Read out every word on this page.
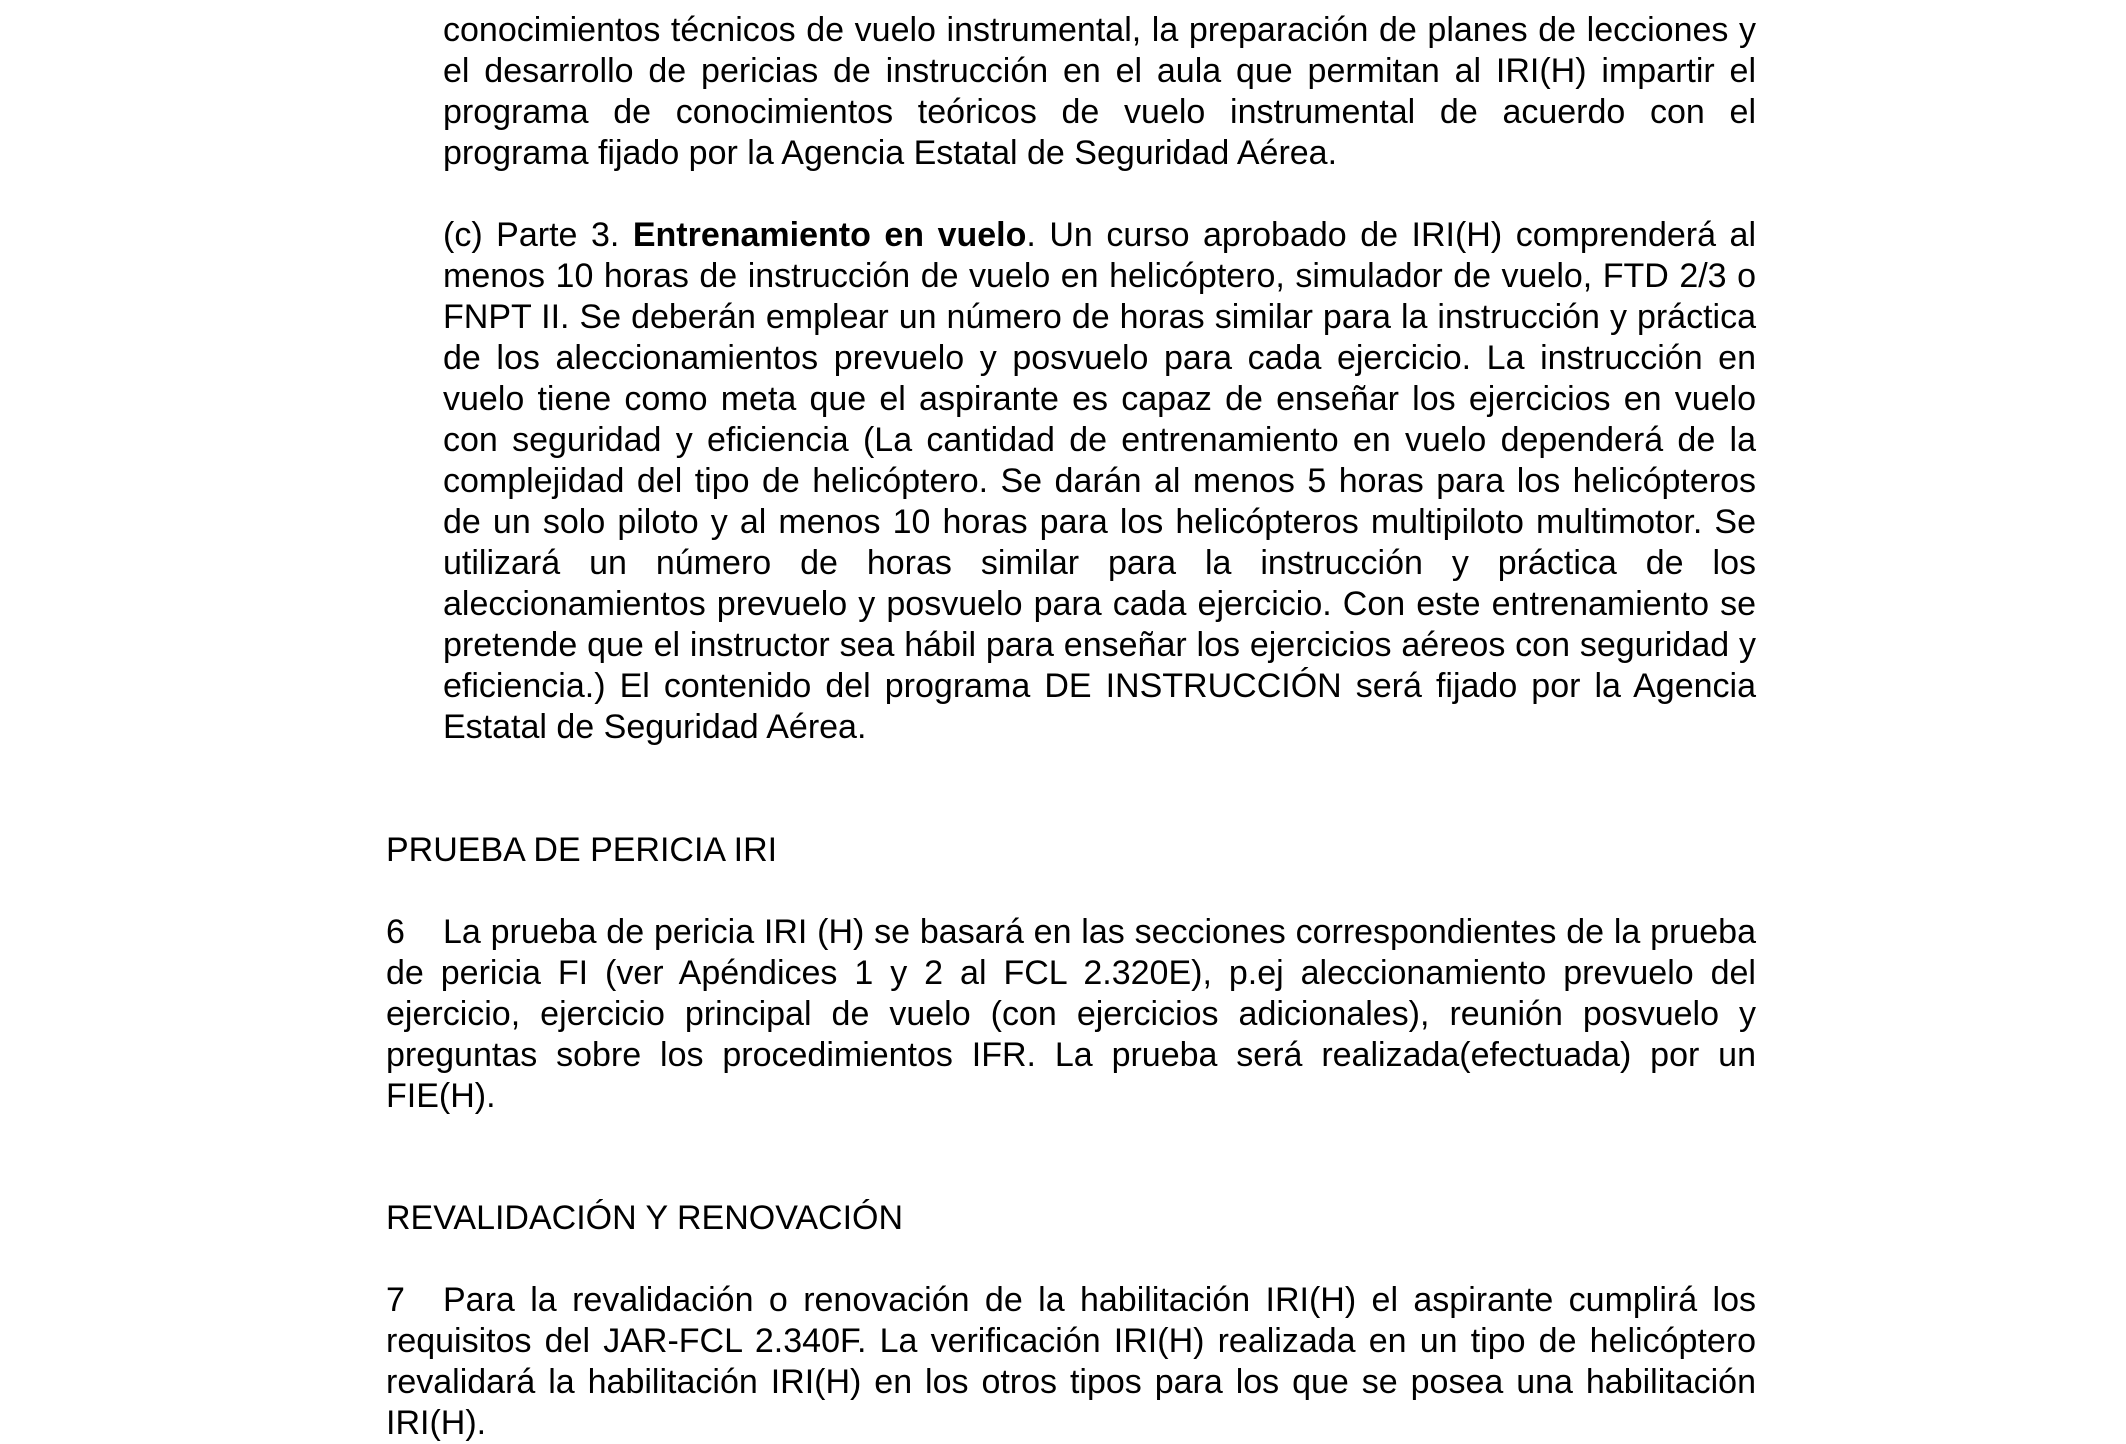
conocimientos técnicos de vuelo instrumental, la preparación de planes de lecciones y el desarrollo de pericias de instrucción en el aula que permitan al IRI(H) impartir el programa de conocimientos teóricos de vuelo instrumental de acuerdo con el programa fijado por la Agencia Estatal de Seguridad Aérea.

(c) Parte 3. Entrenamiento en vuelo. Un curso aprobado de IRI(H) comprenderá al menos 10 horas de instrucción de vuelo en helicóptero, simulador de vuelo, FTD 2/3 o FNPT II. Se deberán emplear un número de horas similar para la instrucción y práctica de los aleccionamientos prevuelo y posvuelo para cada ejercicio. La instrucción en vuelo tiene como meta que el aspirante es capaz de enseñar los ejercicios en vuelo con seguridad y eficiencia (La cantidad de entrenamiento en vuelo dependerá de la complejidad del tipo de helicóptero. Se darán al menos 5 horas para los helicópteros de un solo piloto y al menos 10 horas para los helicópteros multipiloto multimotor. Se utilizará un número de horas similar para la instrucción y práctica de los aleccionamientos prevuelo y posvuelo para cada ejercicio. Con este entrenamiento se pretende que el instructor sea hábil para enseñar los ejercicios aéreos con seguridad y eficiencia.) El contenido del programa DE INSTRUCCIÓN será fijado por la Agencia Estatal de Seguridad Aérea.

PRUEBA DE PERICIA IRI

6 La prueba de pericia IRI (H) se basará en las secciones correspondientes de la prueba de pericia FI (ver Apéndices 1 y 2 al FCL 2.320E), p.ej aleccionamiento prevuelo del ejercicio, ejercicio principal de vuelo (con ejercicios adicionales), reunión posvuelo y preguntas sobre los procedimientos IFR. La prueba será realizada(efectuada) por un FIE(H).

REVALIDACIÓN Y RENOVACIÓN

7 Para la revalidación o renovación de la habilitación IRI(H) el aspirante cumplirá los requisitos del JAR-FCL 2.340F. La verificación IRI(H) realizada en un tipo de helicóptero revalidará la habilitación IRI(H) en los otros tipos para los que se posea una habilitación IRI(H).
